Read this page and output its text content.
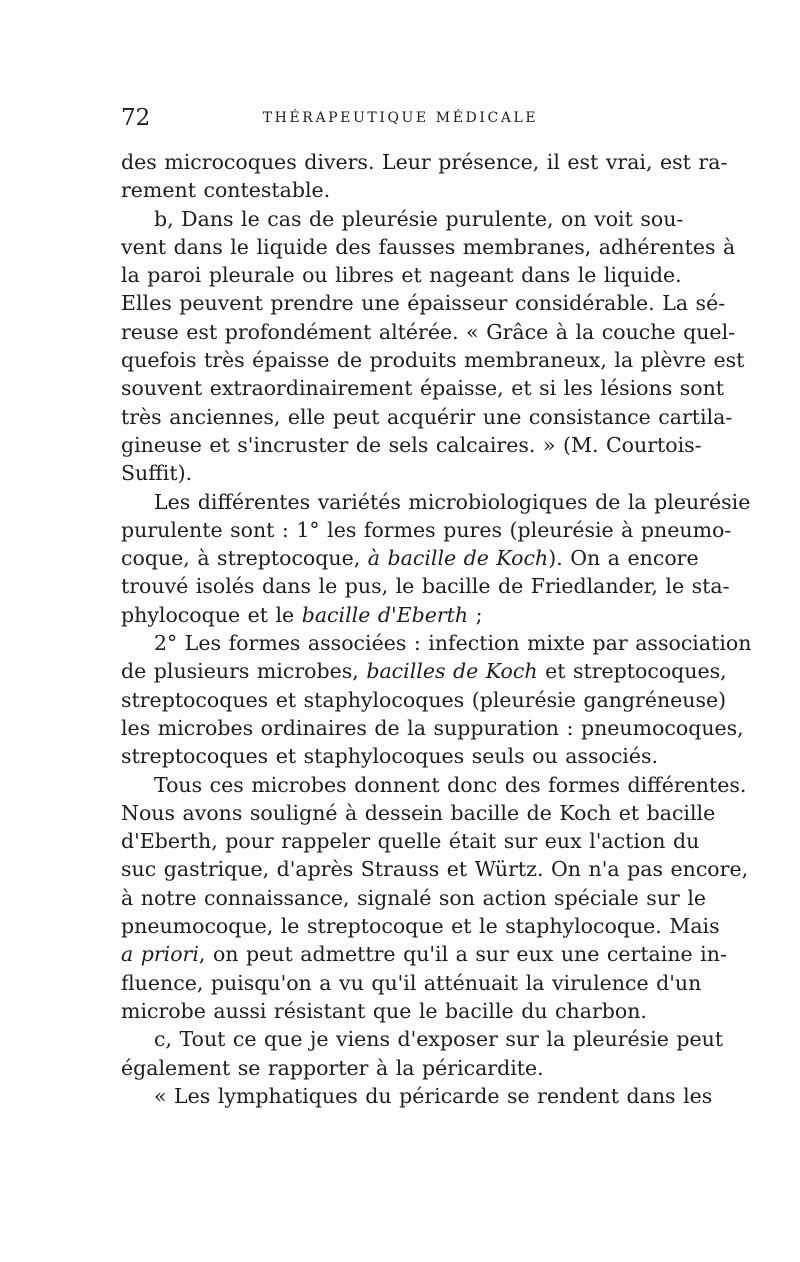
72	THÉRAPEUTIQUE MÉDICALE
des microcoques divers. Leur présence, il est vrai, est ra-
rement contestable.
b, Dans le cas de pleurésie purulente, on voit sou-
vent dans le liquide des fausses membranes, adhérentes à
la paroi pleurale ou libres et nageant dans le liquide.
Elles peuvent prendre une épaisseur considérable. La sé-
reuse est profondément altérée. « Grâce à la couche quel-
quefois très épaisse de produits membraneux, la plèvre est
souvent extraordinairement épaisse, et si les lésions sont
très anciennes, elle peut acquérir une consistance cartila-
gineuse et s'incruster de sels calcaires. » (M. Courtois-
Suffit).
Les différentes variétés microbiologiques de la pleurésie
purulente sont : 1° les formes pures (pleurésie à pneumo-
coque, à streptocoque, à bacille de Koch). On a encore
trouvé isolés dans le pus, le bacille de Friedlander, le sta-
phylocoque et le bacille d'Eberth ;
2° Les formes associées : infection mixte par association
de plusieurs microbes, bacilles de Koch et streptocoques,
streptocoques et staphylocoques (pleurésie gangréneuse)
les microbes ordinaires de la suppuration : pneumocoques,
streptocoques et staphylocoques seuls ou associés.
Tous ces microbes donnent donc des formes différentes.
Nous avons souligné à dessein bacille de Koch et bacille
d'Eberth, pour rappeler quelle était sur eux l'action du
suc gastrique, d'après Strauss et Würtz. On n'a pas encore,
à notre connaissance, signalé son action spéciale sur le
pneumocoque, le streptocoque et le staphylocoque. Mais
a priori, on peut admettre qu'il a sur eux une certaine in-
fluence, puisqu'on a vu qu'il atténuait la virulence d'un
microbe aussi résistant que le bacille du charbon.
c, Tout ce que je viens d'exposer sur la pleurésie peut
également se rapporter à la péricardite.
« Les lymphatiques du péricarde se rendent dans les
